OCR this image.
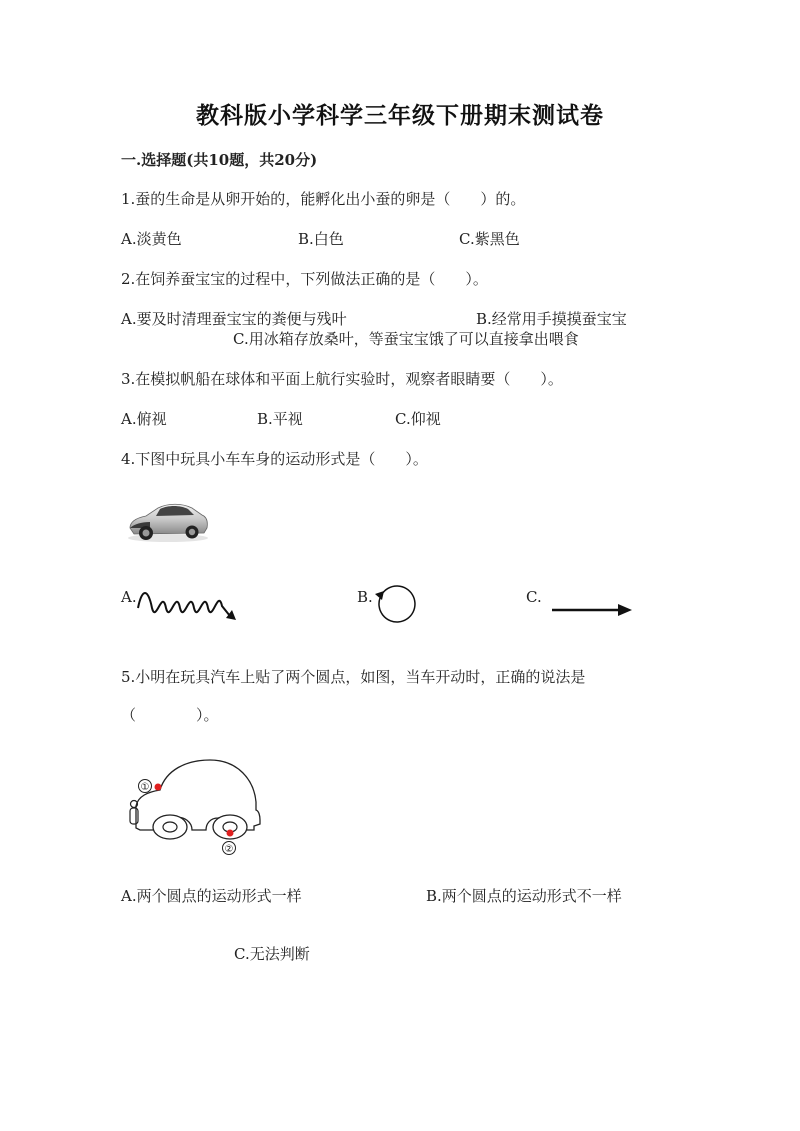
教科版小学科学三年级下册期末测试卷
一.选择题(共10题，共20分)
1.蚕的生命是从卵开始的，能孵化出小蚕的卵是（　　）的。
A.淡黄色	B.白色	C.紫黑色
2.在饲养蚕宝宝的过程中，下列做法正确的是（　　）。
A.要及时清理蚕宝宝的粪便与残叶	B.经常用手摸摸蚕宝宝
C.用冰箱存放桑叶，等蚕宝宝饿了可以直接拿出喂食
3.在模拟帆船在球体和平面上航行实验时，观察者眼睛要（　　）。
A.俯视	B.平视	C.仰视
4.下图中玩具小车车身的运动形式是（　　）。
A.	B.	C.
5.小明在玩具汽车上贴了两个圆点，如图，当车开动时，正确的说法是
（　　　　）。
①
②
A.两个圆点的运动形式一样	B.两个圆点的运动形式不一样
C.无法判断
